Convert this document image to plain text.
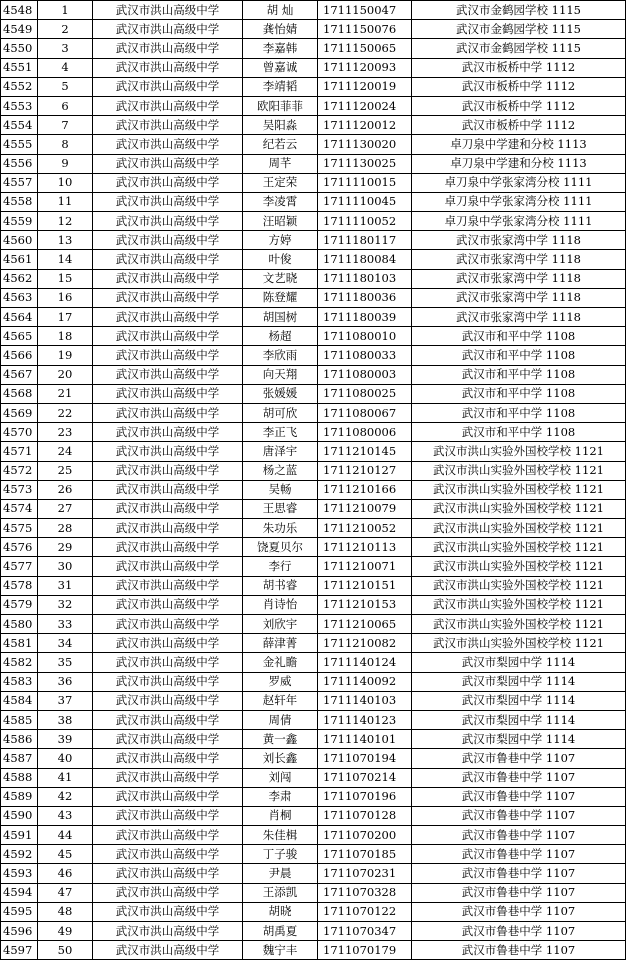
4548	1	武汉市洪山高级中学	胡 灿	1711150047	武汉市金鹤园学校 1115
4549	2	武汉市洪山高级中学	龚怡婧	1711150076	武汉市金鹤园学校 1115
4550	3	武汉市洪山高级中学	李嘉韩	1711150065	武汉市金鹤园学校 1115
4551	4	武汉市洪山高级中学	曾嘉诚	1711120093	武汉市板桥中学 1112
4552	5	武汉市洪山高级中学	李靖韬	1711120019	武汉市板桥中学 1112
4553	6	武汉市洪山高级中学	欧阳菲菲	1711120024	武汉市板桥中学 1112
4554	7	武汉市洪山高级中学	吴阳淼	1711120012	武汉市板桥中学 1112
4555	8	武汉市洪山高级中学	纪若云	1711130020	卓刀泉中学建和分校 1113
4556	9	武汉市洪山高级中学	周芊	1711130025	卓刀泉中学建和分校 1113
4557	10	武汉市洪山高级中学	王定荣	1711110015	卓刀泉中学张家湾分校 1111
4558	11	武汉市洪山高级中学	李凌霄	1711110045	卓刀泉中学张家湾分校 1111
4559	12	武汉市洪山高级中学	汪昭颖	1711110052	卓刀泉中学张家湾分校 1111
4560	13	武汉市洪山高级中学	方婷	1711180117	武汉市张家湾中学 1118
4561	14	武汉市洪山高级中学	叶俊	1711180084	武汉市张家湾中学 1118
4562	15	武汉市洪山高级中学	文艺晓	1711180103	武汉市张家湾中学 1118
4563	16	武汉市洪山高级中学	陈登耀	1711180036	武汉市张家湾中学 1118
4564	17	武汉市洪山高级中学	胡国树	1711180039	武汉市张家湾中学 1118
4565	18	武汉市洪山高级中学	杨超	1711080010	武汉市和平中学 1108
4566	19	武汉市洪山高级中学	李欣雨	1711080033	武汉市和平中学 1108
4567	20	武汉市洪山高级中学	向天翔	1711080003	武汉市和平中学 1108
4568	21	武汉市洪山高级中学	张媛媛	1711080025	武汉市和平中学 1108
4569	22	武汉市洪山高级中学	胡可欣	1711080067	武汉市和平中学 1108
4570	23	武汉市洪山高级中学	李正飞	1711080006	武汉市和平中学 1108
4571	24	武汉市洪山高级中学	唐泽宇	1711210145	武汉市洪山实验外国校学校 1121
4572	25	武汉市洪山高级中学	杨之蓝	1711210127	武汉市洪山实验外国校学校 1121
4573	26	武汉市洪山高级中学	吴畅	1711210166	武汉市洪山实验外国校学校 1121
4574	27	武汉市洪山高级中学	王思睿	1711210079	武汉市洪山实验外国校学校 1121
4575	28	武汉市洪山高级中学	朱功乐	1711210052	武汉市洪山实验外国校学校 1121
4576	29	武汉市洪山高级中学	饶夏贝尔	1711210113	武汉市洪山实验外国校学校 1121
4577	30	武汉市洪山高级中学	李行	1711210071	武汉市洪山实验外国校学校 1121
4578	31	武汉市洪山高级中学	胡书睿	1711210151	武汉市洪山实验外国校学校 1121
4579	32	武汉市洪山高级中学	肖诗怡	1711210153	武汉市洪山实验外国校学校 1121
4580	33	武汉市洪山高级中学	刘欣宇	1711210065	武汉市洪山实验外国校学校 1121
4581	34	武汉市洪山高级中学	薛津菁	1711210082	武汉市洪山实验外国校学校 1121
4582	35	武汉市洪山高级中学	金礼瞻	1711140124	武汉市梨园中学 1114
4583	36	武汉市洪山高级中学	罗威	1711140092	武汉市梨园中学 1114
4584	37	武汉市洪山高级中学	赵轩年	1711140103	武汉市梨园中学 1114
4585	38	武汉市洪山高级中学	周倩	1711140123	武汉市梨园中学 1114
4586	39	武汉市洪山高级中学	黄一鑫	1711140101	武汉市梨园中学 1114
4587	40	武汉市洪山高级中学	刘长鑫	1711070194	武汉市鲁巷中学 1107
4588	41	武汉市洪山高级中学	刘闯	1711070214	武汉市鲁巷中学 1107
4589	42	武汉市洪山高级中学	李肃	1711070196	武汉市鲁巷中学 1107
4590	43	武汉市洪山高级中学	肖桐	1711070128	武汉市鲁巷中学 1107
4591	44	武汉市洪山高级中学	朱佳楫	1711070200	武汉市鲁巷中学 1107
4592	45	武汉市洪山高级中学	丁子骏	1711070185	武汉市鲁巷中学 1107
4593	46	武汉市洪山高级中学	尹晨	1711070231	武汉市鲁巷中学 1107
4594	47	武汉市洪山高级中学	王添凯	1711070328	武汉市鲁巷中学 1107
4595	48	武汉市洪山高级中学	胡晓	1711070122	武汉市鲁巷中学 1107
4596	49	武汉市洪山高级中学	胡禹夏	1711070347	武汉市鲁巷中学 1107
4597	50	武汉市洪山高级中学	魏宁丰	1711070179	武汉市鲁巷中学 1107
